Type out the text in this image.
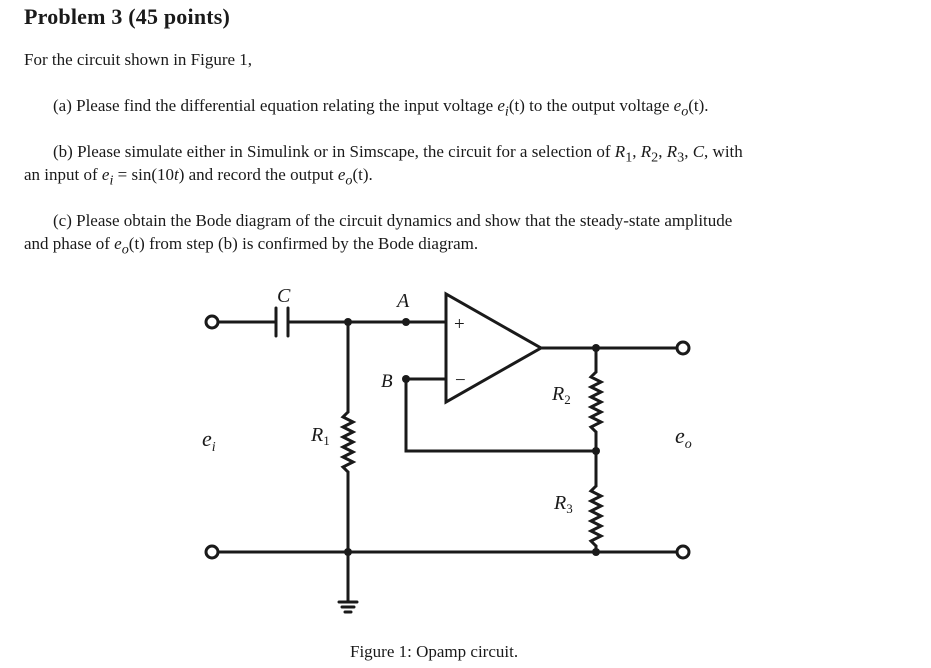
Problem 3 (45 points)
For the circuit shown in Figure 1,
(a) Please find the differential equation relating the input voltage $e_i(t)$ to the output voltage $e_o(t)$.
(b) Please simulate either in Simulink or in Simscape, the circuit for a selection of $R_1$, $R_2$, $R_3$, C, with
an input of $e_i = \sin(10t)$ and record the output $e_o(t)$.
(c) Please obtain the Bode diagram of the circuit dynamics and show that the steady-state amplitude
and phase of $e_o(t)$ from step (b) is confirmed by the Bode diagram.
C	A
B
+
−
$R_1$
$R_2$
$R_3$
$e_i$	$e_o$
Figure 1: Opamp circuit.
